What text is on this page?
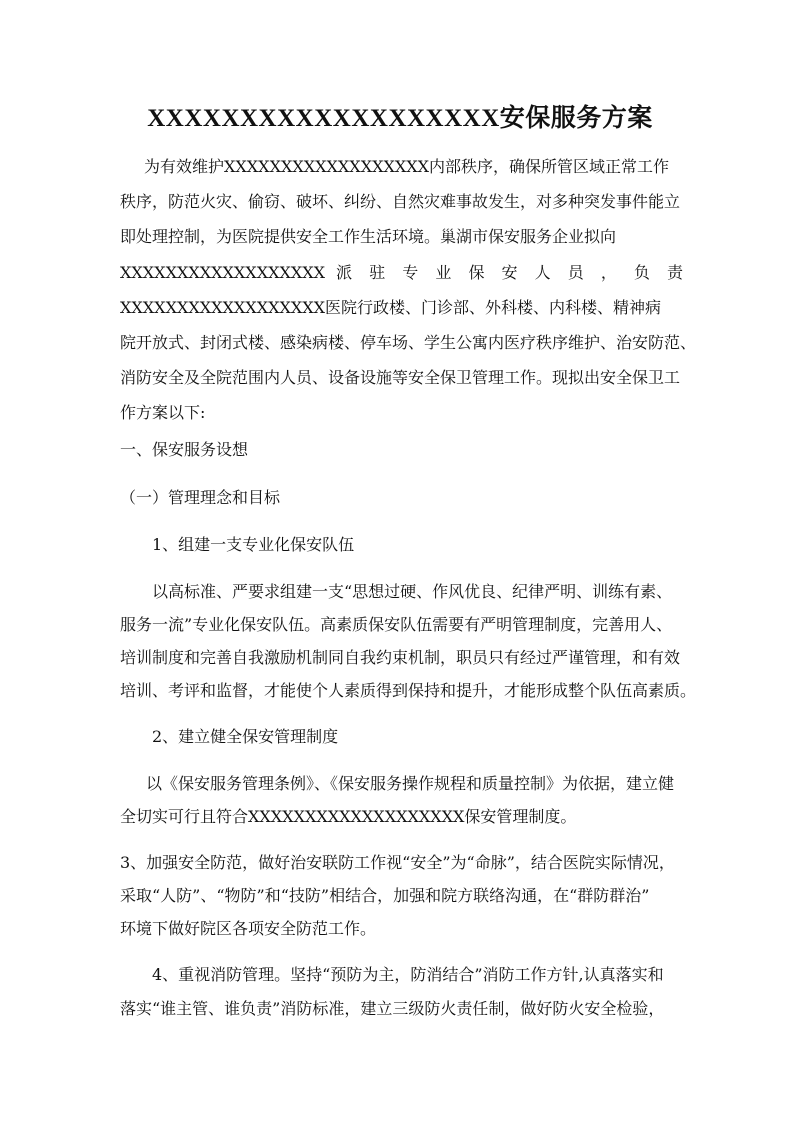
XXXXXXXXXXXXXXXXXXX安保服务方案
为有效维护XXXXXXXXXXXXXXXXXX内部秩序，确保所管区域正常工作
秩序，防范火灾、偷窃、破坏、纠纷、自然灾难事故发生，对多种突发事件能立
即处理控制，为医院提供安全工作生活环境。巢湖市保安服务企业拟向
XXXXXXXXXXXXXXXXXX 派 驻 专 业 保 安 人 员 ， 负 责
XXXXXXXXXXXXXXXXXX医院行政楼、门诊部、外科楼、内科楼、精神病
院开放式、封闭式楼、感染病楼、停车场、学生公寓内医疗秩序维护、治安防范、
消防安全及全院范围内人员、设备设施等安全保卫管理工作。现拟出安全保卫工
作方案以下:
一、保安服务设想
（一）管理理念和目标
1、组建一支专业化保安队伍
以高标准、严要求组建一支“思想过硬、作风优良、纪律严明、训练有素、
服务一流”专业化保安队伍。高素质保安队伍需要有严明管理制度，完善用人、
培训制度和完善自我激励机制同自我约束机制，职员只有经过严谨管理，和有效
培训、考评和监督，才能使个人素质得到保持和提升，才能形成整个队伍高素质。
2、建立健全保安管理制度
以《保安服务管理条例》、《保安服务操作规程和质量控制》为依据，建立健
全切实可行且符合XXXXXXXXXXXXXXXXXXX保安管理制度。
3、加强安全防范，做好治安联防工作视“安全”为“命脉”，结合医院实际情况，
采取“人防”、“物防”和“技防”相结合，加强和院方联络沟通，在“群防群治”
环境下做好院区各项安全防范工作。
4、重视消防管理。坚持“预防为主，防消结合”消防工作方针,认真落实和
落实“谁主管、谁负责”消防标准，建立三级防火责任制，做好防火安全检验，
